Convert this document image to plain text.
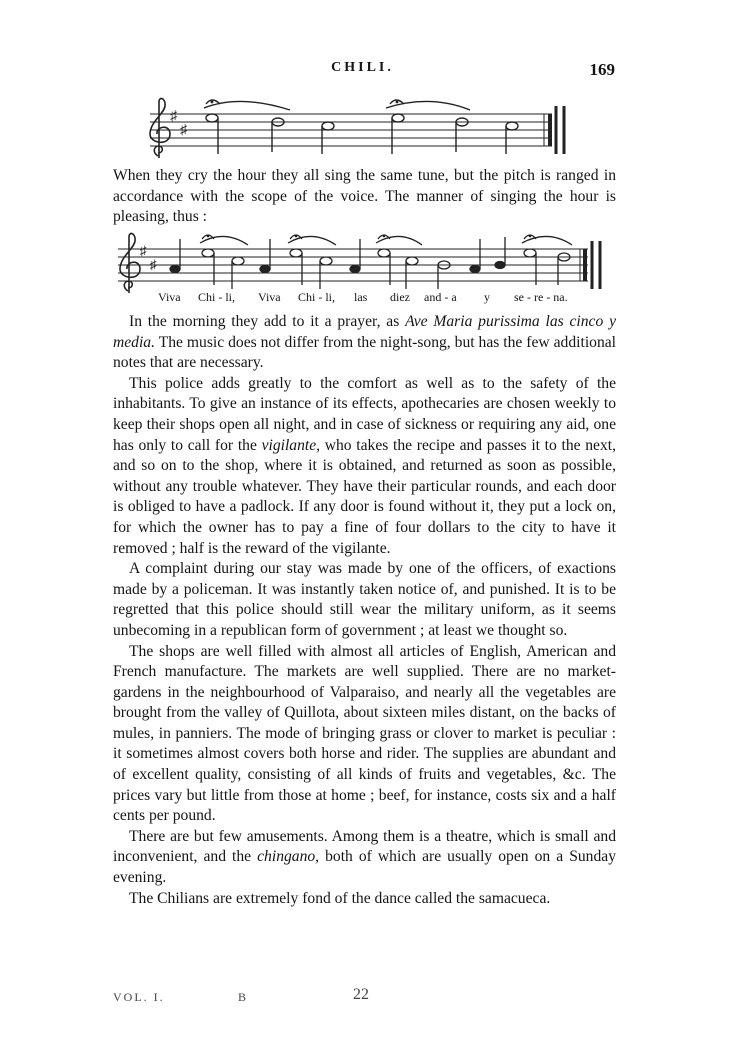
CHILI.	169
♯
♯

When they cry the hour they all sing the same tune, but the pitch is ranged in accordance with the scope of the voice. The manner of singing the hour is pleasing, thus :

♯
♯
Viva Chi - li, Viva Chi - li, las diez and - a y se - re - na.

In the morning they add to it a prayer, as Ave Maria purissima las cinco y media. The music does not differ from the night-song, but has the few additional notes that are necessary.

This police adds greatly to the comfort as well as to the safety of the inhabitants. To give an instance of its effects, apothecaries are chosen weekly to keep their shops open all night, and in case of sickness or requiring any aid, one has only to call for the vigilante, who takes the recipe and passes it to the next, and so on to the shop, where it is obtained, and returned as soon as possible, without any trouble whatever. They have their particular rounds, and each door is obliged to have a padlock. If any door is found without it, they put a lock on, for which the owner has to pay a fine of four dollars to the city to have it removed ; half is the reward of the vigilante.

A complaint during our stay was made by one of the officers, of exactions made by a policeman. It was instantly taken notice of, and punished. It is to be regretted that this police should still wear the military uniform, as it seems unbecoming in a republican form of government ; at least we thought so.

The shops are well filled with almost all articles of English, American and French manufacture. The markets are well supplied. There are no market-gardens in the neighbourhood of Valparaiso, and nearly all the vegetables are brought from the valley of Quillota, about sixteen miles distant, on the backs of mules, in panniers. The mode of bringing grass or clover to market is peculiar : it sometimes almost covers both horse and rider. The supplies are abundant and of excellent quality, consisting of all kinds of fruits and vegetables, &c. The prices vary but little from those at home ; beef, for instance, costs six and a half cents per pound.

There are but few amusements. Among them is a theatre, which is small and inconvenient, and the chingano, both of which are usually open on a Sunday evening.

The Chilians are extremely fond of the dance called the samacueca.

VOL. I.	B	22
